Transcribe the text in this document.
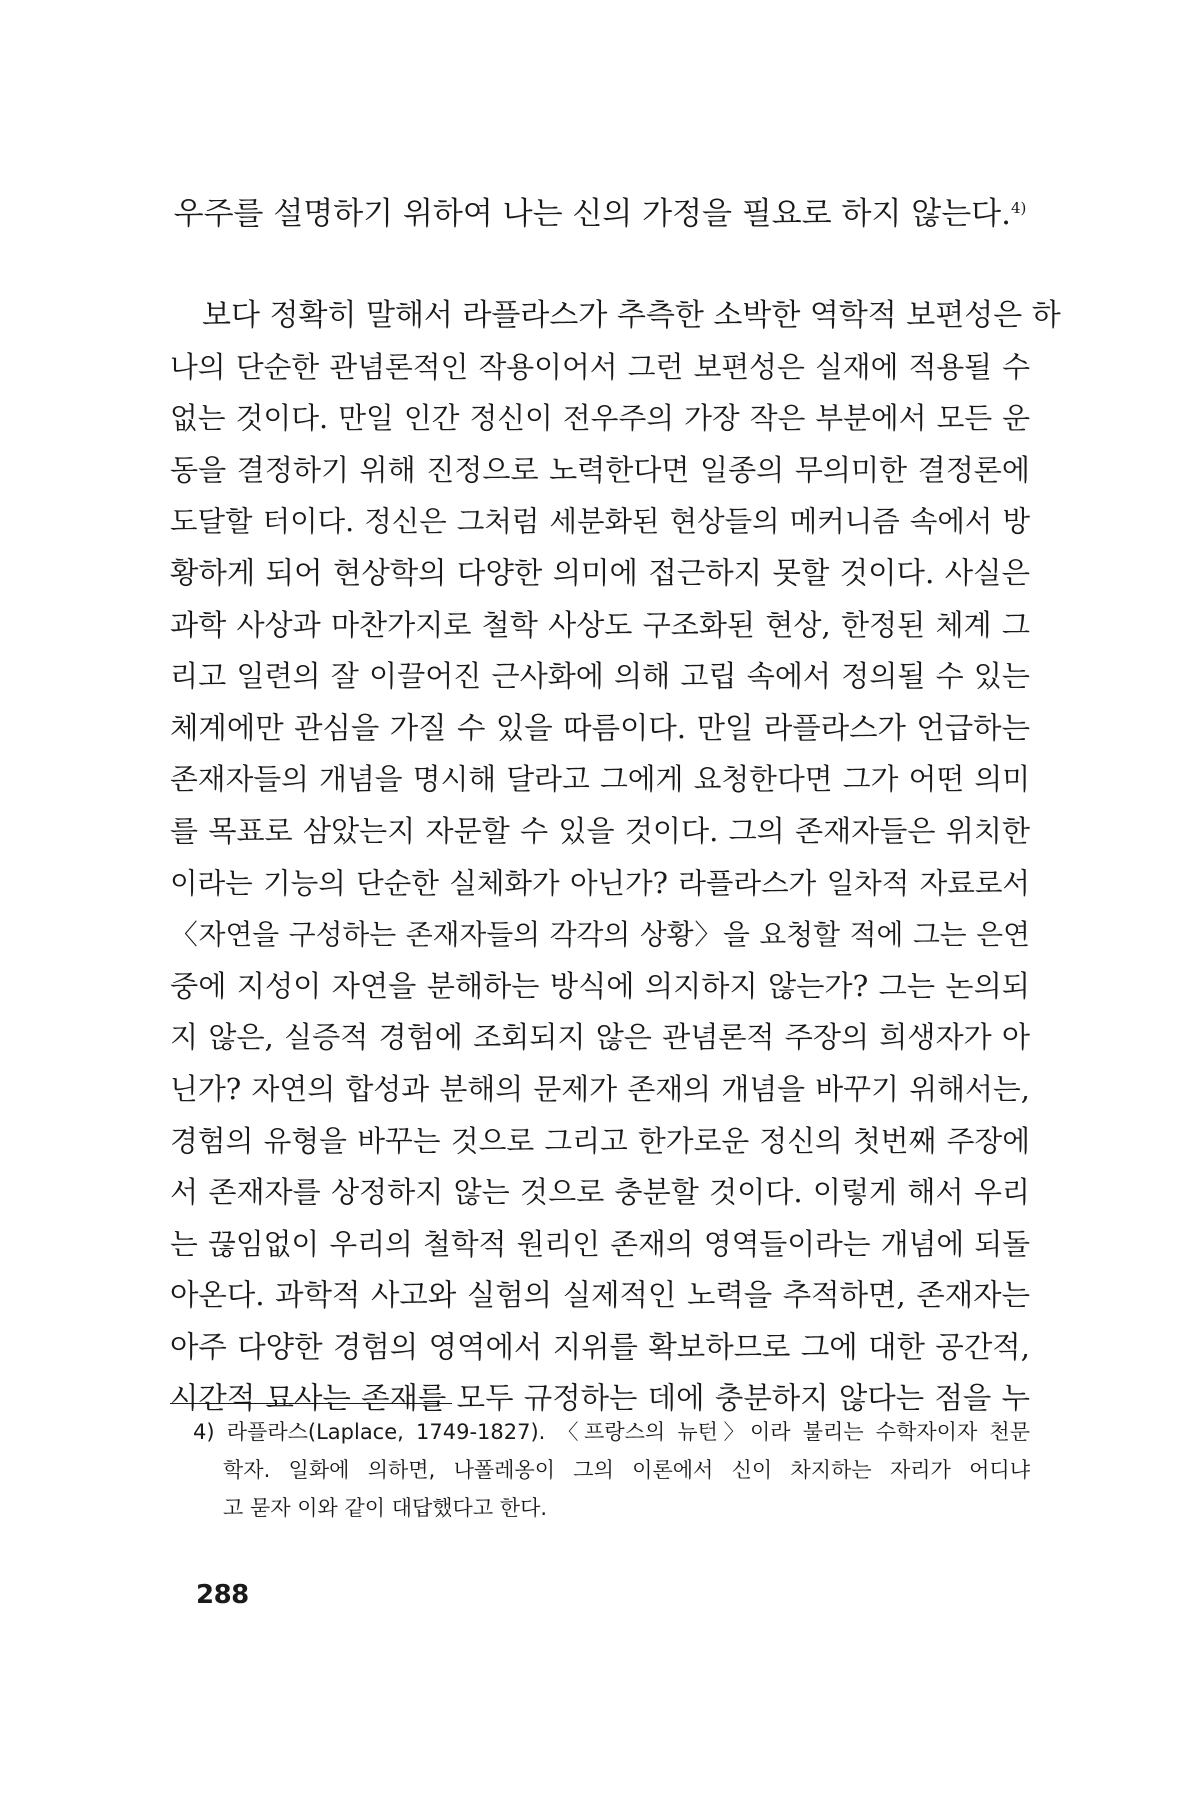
우주를 설명하기 위하여 나는 신의 가정을 필요로 하지 않는다.$^{4)}$
보다 정확히 말해서 라플라스가 추측한 소박한 역학적 보편성은 하
나의 단순한 관념론적인 작용이어서 그런 보편성은 실재에 적용될 수
없는 것이다. 만일 인간 정신이 전우주의 가장 작은 부분에서 모든 운
동을 결정하기 위해 진정으로 노력한다면 일종의 무의미한 결정론에
도달할 터이다. 정신은 그처럼 세분화된 현상들의 메커니즘 속에서 방
황하게 되어 현상학의 다양한 의미에 접근하지 못할 것이다. 사실은
과학 사상과 마찬가지로 철학 사상도 구조화된 현상, 한정된 체계 그
리고 일련의 잘 이끌어진 근사화에 의해 고립 속에서 정의될 수 있는
체계에만 관심을 가질 수 있을 따름이다. 만일 라플라스가 언급하는
존재자들의 개념을 명시해 달라고 그에게 요청한다면 그가 어떤 의미
를 목표로 삼았는지 자문할 수 있을 것이다. 그의 존재자들은 위치한
이라는 기능의 단순한 실체화가 아닌가? 라플라스가 일차적 자료로서
〈자연을 구성하는 존재자들의 각각의 상황〉을 요청할 적에 그는 은연
중에 지성이 자연을 분해하는 방식에 의지하지 않는가? 그는 논의되
지 않은, 실증적 경험에 조회되지 않은 관념론적 주장의 희생자가 아
닌가? 자연의 합성과 분해의 문제가 존재의 개념을 바꾸기 위해서는,
경험의 유형을 바꾸는 것으로 그리고 한가로운 정신의 첫번째 주장에
서 존재자를 상정하지 않는 것으로 충분할 것이다. 이렇게 해서 우리
는 끊임없이 우리의 철학적 원리인 존재의 영역들이라는 개념에 되돌
아온다. 과학적 사고와 실험의 실제적인 노력을 추적하면, 존재자는
아주 다양한 경험의 영역에서 지위를 확보하므로 그에 대한 공간적,
시간적 묘사는 존재를 모두 규정하는 데에 충분하지 않다는 점을 누
4) 라플라스(Laplace, 1749-1827). 〈프랑스의 뉴턴〉이라 불리는 수학자이자 천문
학자. 일화에 의하면, 나폴레옹이 그의 이론에서 신이 차지하는 자리가 어디냐
고 묻자 이와 같이 대답했다고 한다.
288
